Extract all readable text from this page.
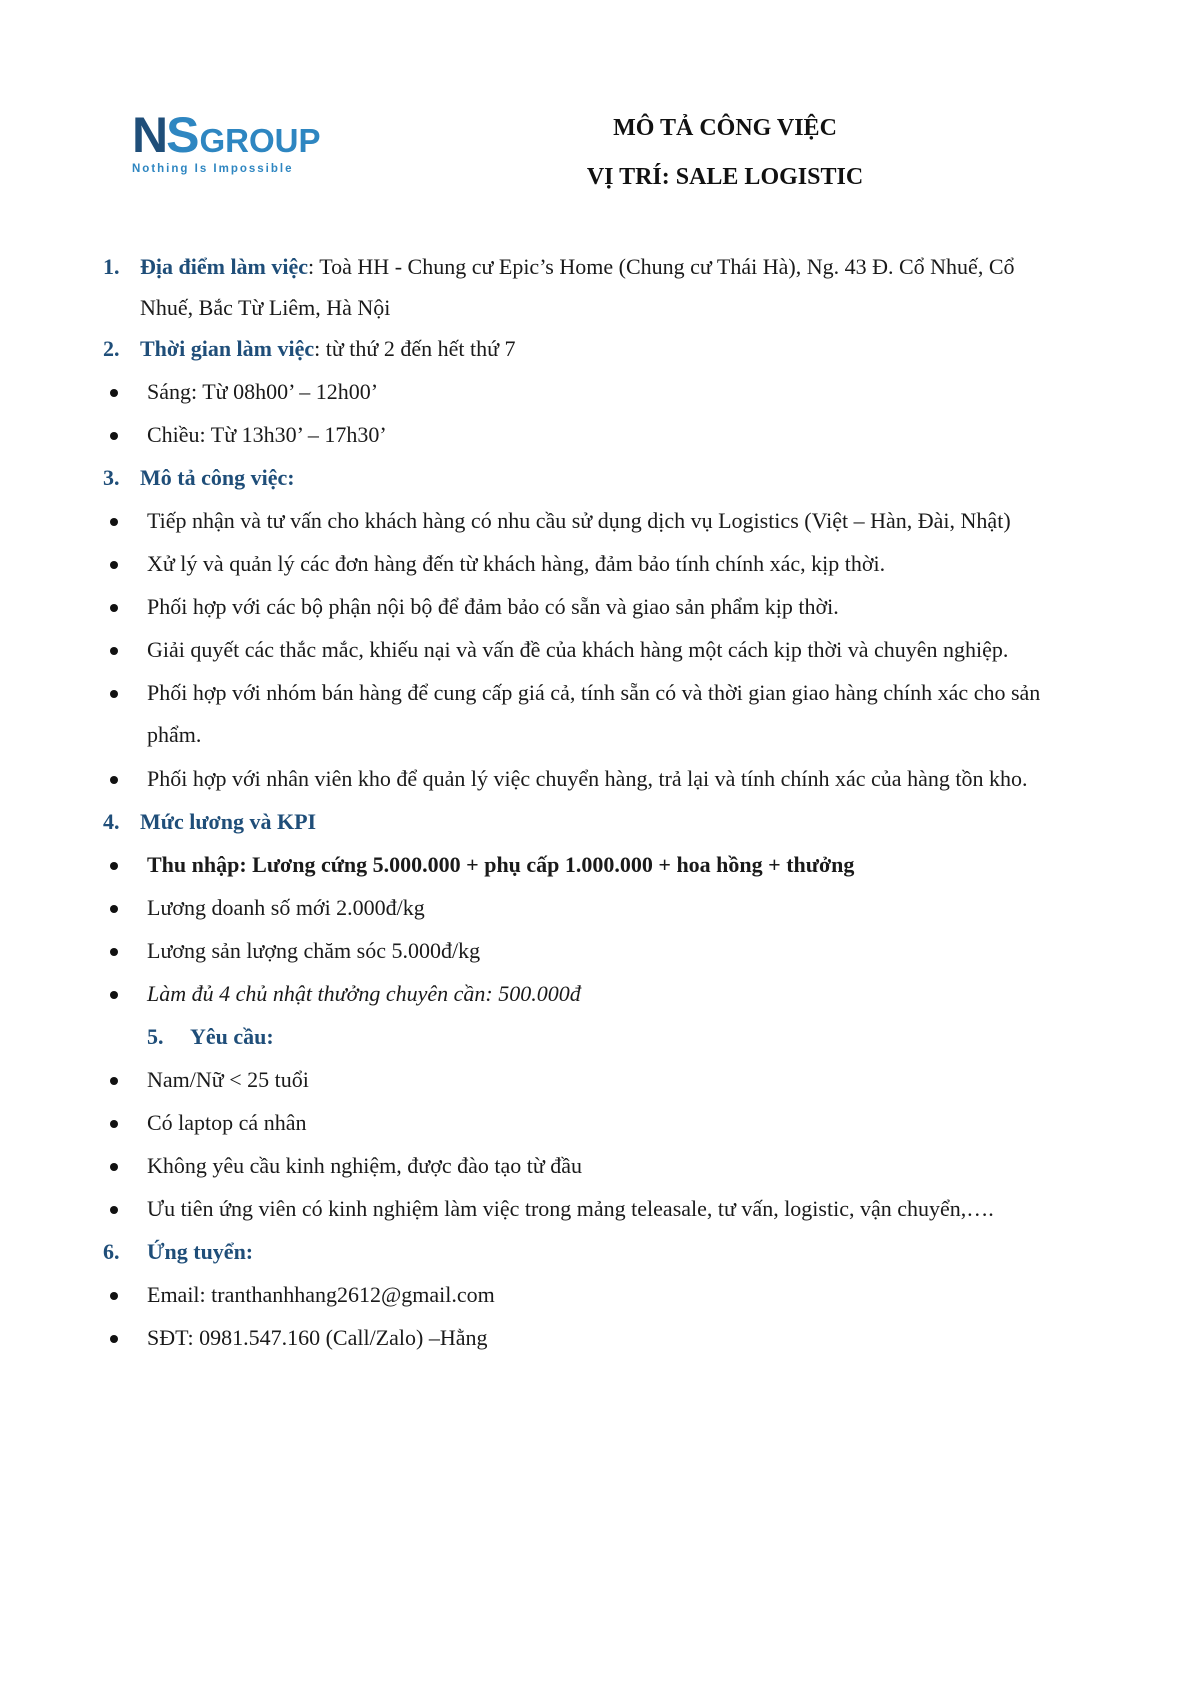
NS GROUP
Nothing Is Impossible
MÔ TẢ CÔNG VIỆC
VỊ TRÍ: SALE LOGISTIC
1. Địa điểm làm việc: Toà HH - Chung cư Epic’s Home (Chung cư Thái Hà), Ng. 43 Đ. Cổ Nhuế, Cổ
Nhuế, Bắc Từ Liêm, Hà Nội
2. Thời gian làm việc: từ thứ 2 đến hết thứ 7
Sáng: Từ 08h00’ – 12h00’
Chiều: Từ 13h30’ – 17h30’
3. Mô tả công việc:
Tiếp nhận và tư vấn cho khách hàng có nhu cầu sử dụng dịch vụ Logistics (Việt – Hàn, Đài, Nhật)
Xử lý và quản lý các đơn hàng đến từ khách hàng, đảm bảo tính chính xác, kịp thời.
Phối hợp với các bộ phận nội bộ để đảm bảo có sẵn và giao sản phẩm kịp thời.
Giải quyết các thắc mắc, khiếu nại và vấn đề của khách hàng một cách kịp thời và chuyên nghiệp.
Phối hợp với nhóm bán hàng để cung cấp giá cả, tính sẵn có và thời gian giao hàng chính xác cho sản
phẩm.
Phối hợp với nhân viên kho để quản lý việc chuyển hàng, trả lại và tính chính xác của hàng tồn kho.
4. Mức lương và KPI
Thu nhập: Lương cứng 5.000.000 + phụ cấp 1.000.000 + hoa hồng + thưởng
Lương doanh số mới 2.000đ/kg
Lương sản lượng chăm sóc 5.000đ/kg
Làm đủ 4 chủ nhật thưởng chuyên cần: 500.000đ
5. Yêu cầu:
Nam/Nữ < 25 tuổi
Có laptop cá nhân
Không yêu cầu kinh nghiệm, được đào tạo từ đầu
Ưu tiên ứng viên có kinh nghiệm làm việc trong mảng teleasale, tư vấn, logistic, vận chuyển,….
6. Ứng tuyển:
Email: tranthanhhang2612@gmail.com
SĐT: 0981.547.160 (Call/Zalo) –Hằng
